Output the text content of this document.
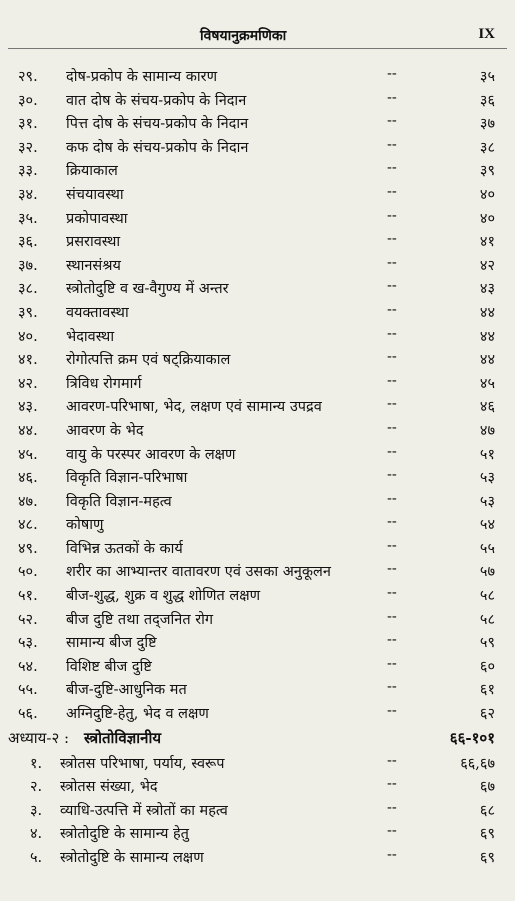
विषयानुक्रमणिका	IX
२९. दोष-प्रकोप के सामान्य कारण	--	३५
३०. वात दोष के संचय-प्रकोप के निदान	--	३६
३१. पित्त दोष के संचय-प्रकोप के निदान	--	३७
३२. कफ दोष के संचय-प्रकोप के निदान	--	३८
३३. क्रियाकाल	--	३९
३४. संचयावस्था	--	४०
३५. प्रकोपावस्था	--	४०
३६. प्रसरावस्था	--	४१
३७. स्थानसंश्रय	--	४२
३८. स्त्रोतोदुष्टि व ख-वैगुण्य में अन्तर	--	४३
३९. वयक्तावस्था	--	४४
४०. भेदावस्था	--	४४
४१. रोगोत्पत्ति क्रम एवं षट्क्रियाकाल	--	४४
४२. त्रिविध रोगमार्ग	--	४५
४३. आवरण-परिभाषा, भेद, लक्षण एवं सामान्य उपद्रव	--	४६
४४. आवरण के भेद	--	४७
४५. वायु के परस्पर आवरण के लक्षण	--	५१
४६. विकृति विज्ञान-परिभाषा	--	५३
४७. विकृति विज्ञान-महत्व	--	५३
४८. कोषाणु	--	५४
४९. विभिन्न ऊतकों के कार्य	--	५५
५०. शरीर का आभ्यान्तर वातावरण एवं उसका अनुकूलन	--	५७
५१. बीज-शुद्ध, शुक्र व शुद्ध शोणित लक्षण	--	५८
५२. बीज दुष्टि तथा तद्जनित रोग	--	५८
५३. सामान्य बीज दुष्टि	--	५९
५४. विशिष्ट बीज दुष्टि	--	६०
५५. बीज-दुष्टि-आधुनिक मत	--	६१
५६. अग्निदुष्टि-हेतु, भेद व लक्षण	--	६२
अध्याय-२ : स्त्रोतोविज्ञानीय	६६-१०१
१. स्त्रोतस परिभाषा, पर्याय, स्वरूप	--	६६,६७
२. स्त्रोतस संख्या, भेद	--	६७
३. व्याधि-उत्पत्ति में स्त्रोतों का महत्व	--	६८
४. स्त्रोतोदुष्टि के सामान्य हेतु	--	६९
५. स्त्रोतोदुष्टि के सामान्य लक्षण	--	६९
